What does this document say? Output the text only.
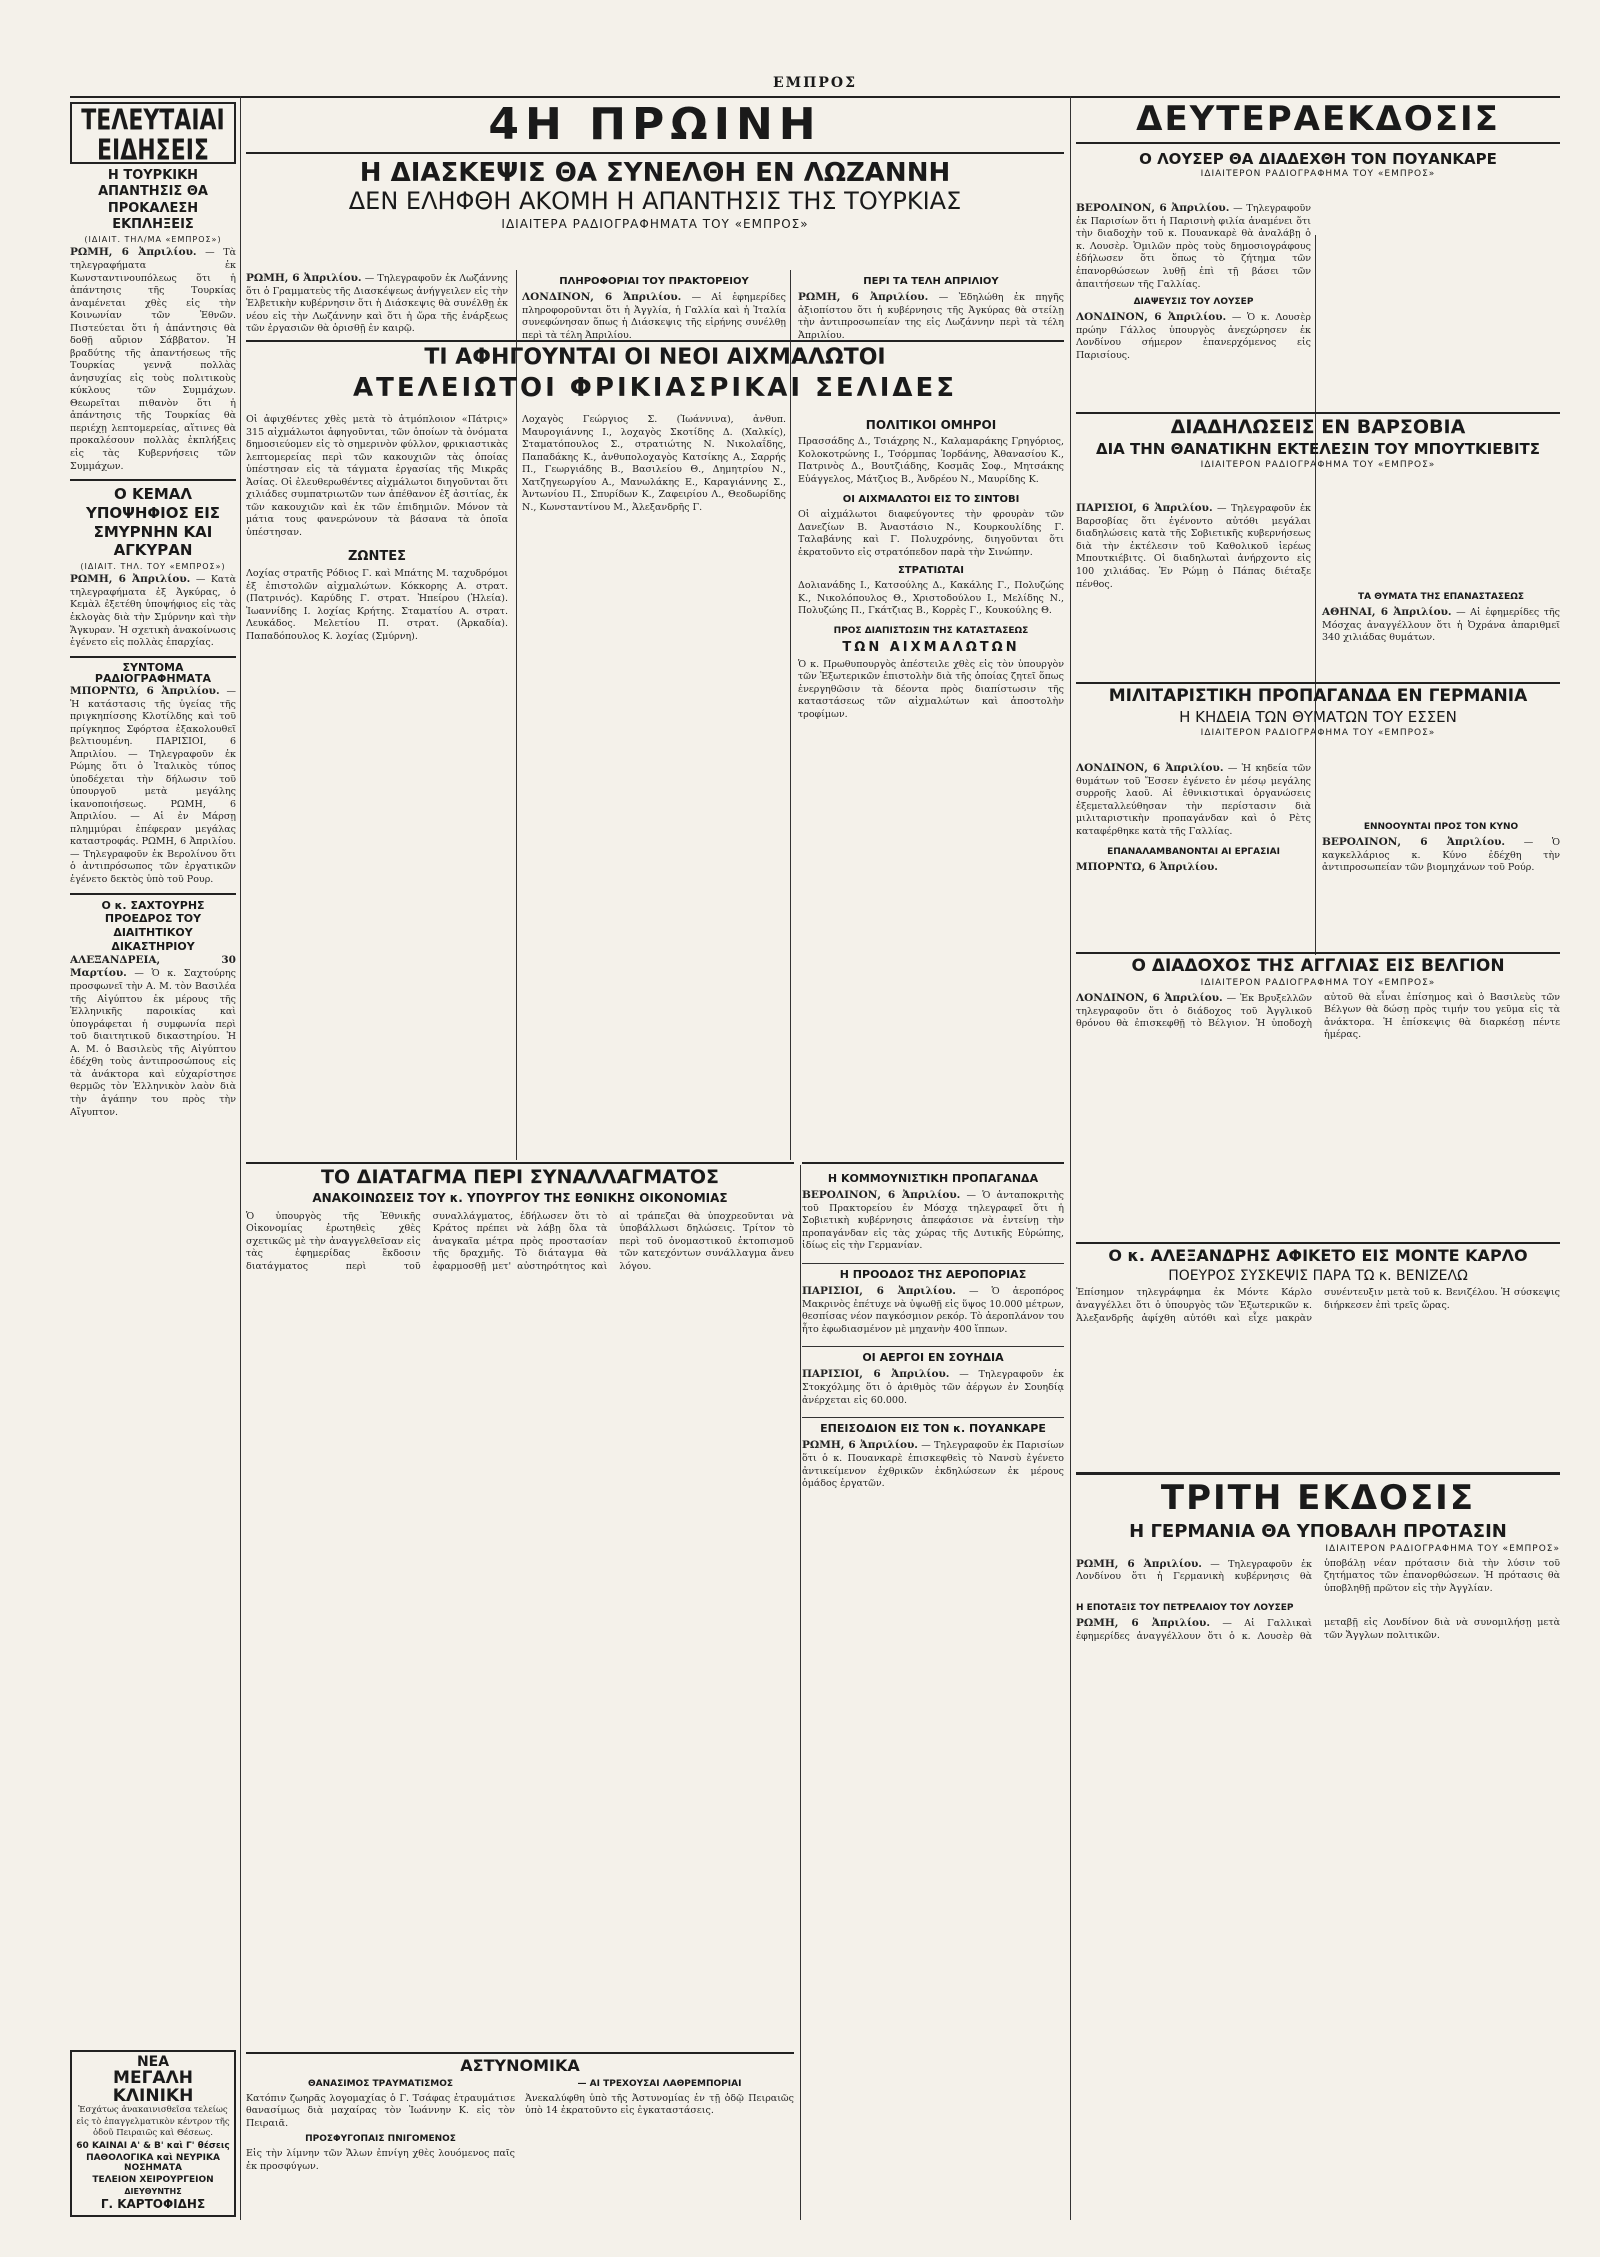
ΕΜΠΡΟΣ
ΤΕΛΕΥΤΑΙΑΙ ΕΙΔΗΣΕΙΣ
Η ΤΟΥΡΚΙΚΗ ΑΠΑΝΤΗΣΙΣ ΘΑ ΠΡΟΚΑΛΕΣΗ ΕΚΠΛΗΞΕΙΣ
(ΙΔΙΑΙΤ. ΤΗΛ/ΜΑ «ΕΜΠΡΟΣ»)

ΡΩΜΗ, 6 Ἀπριλίου. — Τὰ τηλεγραφήματα ἐκ Κωνσταντινουπόλεως ὅτι ἡ ἀπάντησις τῆς Τουρκίας ἀναμένεται χθὲς εἰς τὴν Κοινωνίαν τῶν Ἐθνῶν. Πιστεύεται ὅτι ἡ ἀπάντησις θὰ δοθῇ αὔριον Σάββατον. Ἡ βραδύτης τῆς ἀπαντήσεως τῆς Τουρκίας γεννᾷ πολλὰς ἀνησυχίας εἰς τοὺς πολιτικοὺς κύκλους τῶν Συμμάχων. Θεωρεῖται πιθανὸν ὅτι ἡ ἀπάντησις τῆς Τουρκίας θὰ περιέχῃ λεπτομερείας, αἵτινες θὰ προκαλέσουν πολλὰς ἐκπλήξεις εἰς τὰς Κυβερνήσεις τῶν Συμμάχων.

Ο ΚΕΜΑΛ ΥΠΟΨΗΦΙΟΣ ΕΙΣ ΣΜΥΡΝΗΝ ΚΑΙ ΑΓΚΥΡΑΝ
(ΙΔΙΑΙΤ. ΤΗΛ. ΤΟΥ «ΕΜΠΡΟΣ»)

ΡΩΜΗ, 6 Ἀπριλίου. — Κατὰ τηλεγραφήματα ἐξ Ἀγκύρας, ὁ Κεμὰλ ἐξετέθη ὑποψήφιος εἰς τὰς ἐκλογὰς διὰ τὴν Σμύρνην καὶ τὴν Ἄγκυραν. Ἡ σχετικὴ ἀνακοίνωσις ἐγένετο εἰς πολλὰς ἐπαρχίας.

ΣΥΝΤΟΜΑ ΡΑΔΙΟΓΡΑΦΗΜΑΤΑ

ΜΠΟΡΝΤΩ, 6 Ἀπριλίου. — Ἡ κατάστασις τῆς ὑγείας τῆς πριγκηπίσσης Κλοτίλδης καὶ τοῦ πρίγκηπος Σφόρτσα ἐξακολουθεῖ βελτιουμένη. ΠΑΡΙΣΙΟΙ, 6 Ἀπριλίου. — Τηλεγραφοῦν ἐκ Ρώμης ὅτι ὁ Ἰταλικὸς τύπος ὑποδέχεται τὴν δήλωσιν τοῦ ὑπουργοῦ μετὰ μεγάλης ἱκανοποιήσεως. ΡΩΜΗ, 6 Ἀπριλίου. — Αἱ ἐν Μάρσῃ πλημμύραι ἐπέφεραν μεγάλας καταστροφάς. ΡΩΜΗ, 6 Ἀπριλίου. — Τηλεγραφοῦν ἐκ Βερολίνου ὅτι ὁ ἀντιπρόσωπος τῶν ἐργατικῶν ἐγένετο δεκτὸς ὑπὸ τοῦ Ρουρ.

Ο κ. ΣΑΧΤΟΥΡΗΣ ΠΡΟΕΔΡΟΣ ΤΟΥ ΔΙΑΙΤΗΤΙΚΟΥ ΔΙΚΑΣΤΗΡΙΟΥ

ΑΛΕΞΑΝΔΡΕΙΑ, 30 Μαρτίου. — Ὁ κ. Σαχτούρης προσφωνεῖ τὴν Α. Μ. τὸν Βασιλέα τῆς Αἰγύπτου ἐκ μέρους τῆς Ἑλληνικῆς παροικίας καὶ ὑπογράφεται ἡ συμφωνία περὶ τοῦ διαιτητικοῦ δικαστηρίου. Ἡ Α. Μ. ὁ Βασιλεὺς τῆς Αἰγύπτου ἐδέχθη τοὺς ἀντιπροσώπους εἰς τὰ ἀνάκτορα καὶ εὐχαρίστησε θερμῶς τὸν Ἑλληνικὸν λαὸν διὰ τὴν ἀγάπην του πρὸς τὴν Αἴγυπτον.

ΝΕΑ
ΜΕΓΑΛΗ ΚΛΙΝΙΚΗ

Ἐσχάτως ἀνακαινισθεῖσα τελείως εἰς τὸ ἐπαγγελματικὸν κέντρον τῆς ὁδοῦ Πειραιῶς καὶ Θέσεως.

60 ΚΑΙΝΑΙ Α' & Β' καὶ Γ' θέσεις
ΠΑΘΟΛΟΓΙΚΑ καὶ ΝΕΥΡΙΚΑ ΝΟΣΗΜΑΤΑ
ΤΕΛΕΙΟΝ ΧΕΙΡΟΥΡΓΕΙΟΝ
ΔΙΕΥΘΥΝΤΗΣ
Γ. ΚΑΡΤΟΦΙΔΗΣ
4Η ΠΡΩΙΝΗ
Η ΔΙΑΣΚΕΨΙΣ ΘΑ ΣΥΝΕΛΘΗ ΕΝ ΛΩΖΑΝΝΗ
ΔΕΝ ΕΛΗΦΘΗ ΑΚΟΜΗ Η ΑΠΑΝΤΗΣΙΣ ΤΗΣ ΤΟΥΡΚΙΑΣ
ΙΔΙΑΙΤΕΡΑ ΡΑΔΙΟΓΡΑΦΗΜΑΤΑ ΤΟΥ «ΕΜΠΡΟΣ»

ΡΩΜΗ, 6 Ἀπριλίου. — Τηλεγραφοῦν ἐκ Λωζάννης ὅτι ὁ Γραμματεὺς τῆς Διασκέψεως ἀνήγγειλεν εἰς τὴν Ἑλβετικὴν κυβέρνησιν ὅτι ἡ Διάσκεψις θὰ συνέλθῃ ἐκ νέου εἰς τὴν Λωζάννην καὶ ὅτι ἡ ὥρα τῆς ἐνάρξεως τῶν ἐργασιῶν θὰ ὁρισθῇ ἐν καιρῷ.

ΠΛΗΡΟΦΟΡΙΑΙ ΤΟΥ ΠΡΑΚΤΟΡΕΙΟΥ

ΛΟΝΔΙΝΟΝ, 6 Ἀπριλίου. — Αἱ ἐφημερίδες πληροφοροῦνται ὅτι ἡ Ἀγγλία, ἡ Γαλλία καὶ ἡ Ἰταλία συνεφώνησαν ὅπως ἡ Διάσκεψις τῆς εἰρήνης συνέλθῃ περὶ τὰ τέλη Ἀπριλίου.

ΠΕΡΙ ΤΑ ΤΕΛΗ ΑΠΡΙΛΙΟΥ

ΡΩΜΗ, 6 Ἀπριλίου. — Ἐδηλώθη ἐκ πηγῆς ἀξιοπίστου ὅτι ἡ κυβέρνησις τῆς Ἀγκύρας θὰ στείλῃ τὴν ἀντιπροσωπείαν της εἰς Λωζάννην περὶ τὰ τέλη Ἀπριλίου.

ΤΙ ΑΦΗΓΟΥΝΤΑΙ ΟΙ ΝΕΟΙ ΑΙΧΜΑΛΩΤΟΙ
ΑΤΕΛΕΙΩΤΟΙ ΦΡΙΚΙΑΣΡΙΚΑΙ ΣΕΛΙΔΕΣ

Οἱ ἀφιχθέντες χθὲς μετὰ τὸ ἀτμόπλοιον «Πάτρις» 315 αἰχμάλωτοι ἀφηγοῦνται, τῶν ὁποίων τὰ ὀνόματα δημοσιεύομεν εἰς τὸ σημερινὸν φύλλον, φρικιαστικὰς λεπτομερείας περὶ τῶν κακουχιῶν τὰς ὁποίας ὑπέστησαν εἰς τὰ τάγματα ἐργασίας τῆς Μικρᾶς Ἀσίας. Οἱ ἐλευθερωθέντες αἰχμάλωτοι διηγοῦνται ὅτι χιλιάδες συμπατριωτῶν των ἀπέθανον ἐξ ἀσιτίας, ἐκ τῶν κακουχιῶν καὶ ἐκ τῶν ἐπιδημιῶν. Μόνον τὰ μάτια τους φανερώνουν τὰ βάσανα τὰ ὁποῖα ὑπέστησαν.

ΖΩΝΤΕΣ

Λοχίας στρατῆς Ρόδιος Γ. καὶ Μπάτης Μ. ταχυδρόμοι ἐξ ἐπιστολῶν αἰχμαλώτων. Κόκκορης Α. στρατ. (Πατρινός). Καρύδης Γ. στρατ. Ἠπείρου (Ἠλεία). Ἰωαννίδης Ι. λοχίας Κρήτης. Σταματίου Α. στρατ. Λευκάδος. Μελετίου Π. στρατ. (Ἀρκαδία). Παπαδόπουλος Κ. λοχίας (Σμύρνη).

Λοχαγὸς Γεώργιος Σ. (Ἰωάννινα), ἀνθυπ. Μαυρογιάννης Ι., λοχαγὸς Σκοτίδης Δ. (Χαλκίς), Σταματόπουλος Σ., στρατιώτης Ν. Νικολαΐδης, Παπαδάκης Κ., ἀνθυπολοχαγὸς Κατσίκης Α., Σαρρής Π., Γεωργιάδης Β., Βασιλείου Θ., Δημητρίου Ν., Χατζηγεωργίου Α., Μανωλάκης Ε., Καραγιάννης Σ., Ἀντωνίου Π., Σπυρίδων Κ., Ζαφειρίου Λ., Θεοδωρίδης Ν., Κωνσταντίνου Μ., Ἀλεξανδρῆς Γ.

ΠΟΛΙΤΙΚΟΙ ΟΜΗΡΟΙ

Πρασσάδης Δ., Τσιάχρης Ν., Καλαμαράκης Γρηγόριος, Κολοκοτρώνης Ι., Τσόρμπας Ἰορδάνης, Ἀθανασίου Κ., Πατρινὸς Δ., Βουτζιάδης, Κοσμᾶς Σοφ., Μητσάκης Εὐάγγελος, Μάτζιος Β., Ἀνδρέου Ν., Μαυρίδης Κ.

ΟΙ ΑΙΧΜΑΛΩΤΟΙ ΕΙΣ ΤΟ ΣΙΝΤΟΒΙ

Οἱ αἰχμάλωτοι διαφεύγοντες τὴν φρουρὰν τῶν Δανεζίων Β. Ἀναστάσιο Ν., Κουρκουλίδης Γ. Ταλαβάνης καὶ Γ. Πολυχρόνης, διηγοῦνται ὅτι ἐκρατοῦντο εἰς στρατόπεδον παρὰ τὴν Σινώπην.

ΣΤΡΑΤΙΩΤΑΙ

Δολιανάδης Ι., Κατσούλης Δ., Κακάλης Γ., Πολυζώης Κ., Νικολόπουλος Θ., Χριστοδούλου Ι., Μελίδης Ν., Πολυζώης Π., Γκάτζιας Β., Κορρὲς Γ., Κουκούλης Θ.

ΠΡΟΣ ΔΙΑΠΙΣΤΩΣΙΝ ΤΗΣ ΚΑΤΑΣΤΑΣΕΩΣ
ΤΩΝ ΑΙΧΜΑΛΩΤΩΝ

Ὁ κ. Πρωθυπουργὸς ἀπέστειλε χθὲς εἰς τὸν ὑπουργὸν τῶν Ἐξωτερικῶν ἐπιστολὴν διὰ τῆς ὁποίας ζητεῖ ὅπως ἐνεργηθῶσιν τὰ δέοντα πρὸς διαπίστωσιν τῆς καταστάσεως τῶν αἰχμαλώτων καὶ ἀποστολὴν τροφίμων.

ΤΟ ΔΙΑΤΑΓΜΑ ΠΕΡΙ ΣΥΝΑΛΛΑΓΜΑΤΟΣ
ΑΝΑΚΟΙΝΩΣΕΙΣ ΤΟΥ κ. ΥΠΟΥΡΓΟΥ ΤΗΣ ΕΘΝΙΚΗΣ ΟΙΚΟΝΟΜΙΑΣ

Ὁ ὑπουργὸς τῆς Ἐθνικῆς Οἰκονομίας ἐρωτηθεὶς χθὲς σχετικῶς μὲ τὴν ἀναγγελθεῖσαν εἰς τὰς ἐφημερίδας ἔκδοσιν διατάγματος περὶ τοῦ συναλλάγματος, ἐδήλωσεν ὅτι τὸ Κράτος πρέπει νὰ λάβῃ ὅλα τὰ ἀναγκαῖα μέτρα πρὸς προστασίαν τῆς δραχμῆς. Τὸ διάταγμα θὰ ἐφαρμοσθῇ μετ' αὐστηρότητος καὶ αἱ τράπεζαι θὰ ὑποχρεοῦνται νὰ ὑποβάλλωσι δηλώσεις. Τρίτον τὸ περὶ τοῦ ὀνομαστικοῦ ἐκτοπισμοῦ τῶν κατεχόντων συνάλλαγμα ἄνευ λόγου.

ΑΣΤΥΝΟΜΙΚΑ
ΘΑΝΑΣΙΜΟΣ ΤΡΑΥΜΑΤΙΣΜΟΣ

Κατόπιν ζωηρᾶς λογομαχίας ὁ Γ. Τσάφας ἐτραυμάτισε θανασίμως διὰ μαχαίρας τὸν Ἰωάννην Κ. εἰς τὸν Πειραιᾶ.

ΠΡΟΣΦΥΓΟΠΑΙΣ ΠΝΙΓΟΜΕΝΟΣ

Εἰς τὴν λίμνην τῶν Ἄλων ἐπνίγη χθὲς λουόμενος παῖς ἐκ προσφύγων.

— ΑΙ ΤΡΕΧΟΥΣΑΙ ΛΑΘΡΕΜΠΟΡΙΑΙ

Ἀνεκαλύφθη ὑπὸ τῆς Ἀστυνομίας ἐν τῇ ὁδῷ Πειραιῶς ὑπὸ 14 ἐκρατοῦντο εἰς ἐγκαταστάσεις.

Η ΚΟΜΜΟΥΝΙΣΤΙΚΗ ΠΡΟΠΑΓΑΝΔΑ

ΒΕΡΟΛΙΝΟΝ, 6 Ἀπριλίου. — Ὁ ἀνταποκριτὴς τοῦ Πρακτορείου ἐν Μόσχᾳ τηλεγραφεῖ ὅτι ἡ Σοβιετικὴ κυβέρνησις ἀπεφάσισε νὰ ἐντείνῃ τὴν προπαγάνδαν εἰς τὰς χώρας τῆς Δυτικῆς Εὐρώπης, ἰδίως εἰς τὴν Γερμανίαν.

Η ΠΡΟΟΔΟΣ ΤΗΣ ΑΕΡΟΠΟΡΙΑΣ

ΠΑΡΙΣΙΟΙ, 6 Ἀπριλίου. — Ὁ ἀεροπόρος Μακρινὸς ἐπέτυχε νὰ ὑψωθῇ εἰς ὕψος 10.000 μέτρων, θεσπίσας νέον παγκόσμιον ρεκόρ. Τὸ ἀεροπλάνον του ἦτο ἐφωδιασμένον μὲ μηχανὴν 400 ἵππων.

ΟΙ ΑΕΡΓΟΙ ΕΝ ΣΟΥΗΔΙΑ

ΠΑΡΙΣΙΟΙ, 6 Ἀπριλίου. — Τηλεγραφοῦν ἐκ Στοκχόλμης ὅτι ὁ ἀριθμὸς τῶν ἀέργων ἐν Σουηδίᾳ ἀνέρχεται εἰς 60.000.

ΕΠΕΙΣΟΔΙΟΝ ΕΙΣ ΤΟΝ κ. ΠΟΥΑΝΚΑΡΕ

ΡΩΜΗ, 6 Ἀπριλίου. — Τηλεγραφοῦν ἐκ Παρισίων ὅτι ὁ κ. Πουανκαρὲ ἐπισκεφθεὶς τὸ Νανσὺ ἐγένετο ἀντικείμενον ἐχθρικῶν ἐκδηλώσεων ἐκ μέρους ὁμάδος ἐργατῶν.

ΔΕΥΤΕΡΑΕΚΔΟΣΙΣ
Ο ΛΟΥΣΕΡ ΘΑ ΔΙΑΔΕΧΘΗ ΤΟΝ ΠΟΥΑΝΚΑΡΕ
ΙΔΙΑΙΤΕΡΟΝ ΡΑΔΙΟΓΡΑΦΗΜΑ ΤΟΥ «ΕΜΠΡΟΣ»

ΒΕΡΟΛΙΝΟΝ, 6 Ἀπριλίου. — Τηλεγραφοῦν ἐκ Παρισίων ὅτι ἡ Παρισινὴ φιλία ἀναμένει ὅτι τὴν διαδοχὴν τοῦ κ. Πουανκαρὲ θὰ ἀναλάβῃ ὁ κ. Λουσὲρ. Ὁμιλῶν πρὸς τοὺς δημοσιογράφους ἐδήλωσεν ὅτι ὅπως τὸ ζήτημα τῶν ἐπανορθώσεων λυθῇ ἐπὶ τῇ βάσει τῶν ἀπαιτήσεων τῆς Γαλλίας.

ΔΙΑΨΕΥΣΙΣ ΤΟΥ ΛΟΥΣΕΡ

ΛΟΝΔΙΝΟΝ, 6 Ἀπριλίου. — Ὁ κ. Λουσὲρ πρώην Γάλλος ὑπουργὸς ἀνεχώρησεν ἐκ Λονδίνου σήμερον ἐπανερχόμενος εἰς Παρισίους.

ΔΙΑΔΗΛΩΣΕΙΣ ΕΝ ΒΑΡΣΟΒΙΑ
ΔΙΑ ΤΗΝ ΘΑΝΑΤΙΚΗΝ ΕΚΤΕΛΕΣΙΝ ΤΟΥ ΜΠΟΥΤΚΙΕΒΙΤΣ
ΙΔΙΑΙΤΕΡΟΝ ΡΑΔΙΟΓΡΑΦΗΜΑ ΤΟΥ «ΕΜΠΡΟΣ»

ΠΑΡΙΣΙΟΙ, 6 Ἀπριλίου. — Τηλεγραφοῦν ἐκ Βαρσοβίας ὅτι ἐγένοντο αὐτόθι μεγάλαι διαδηλώσεις κατὰ τῆς Σοβιετικῆς κυβερνήσεως διὰ τὴν ἐκτέλεσιν τοῦ Καθολικοῦ ἱερέως Μπουτκιέβιτς. Οἱ διαδηλωταὶ ἀνήρχοντο εἰς 100 χιλιάδας. Ἐν Ρώμῃ ὁ Πάπας διέταξε πένθος.

ΤΑ ΘΥΜΑΤΑ ΤΗΣ ΕΠΑΝΑΣΤΑΣΕΩΣ

ΑΘΗΝΑΙ, 6 Ἀπριλίου. — Αἱ ἐφημερίδες τῆς Μόσχας ἀναγγέλλουν ὅτι ἡ Ὀχράνα ἀπαριθμεῖ 340 χιλιάδας θυμάτων.

ΜΙΛΙΤΑΡΙΣΤΙΚΗ ΠΡΟΠΑΓΑΝΔΑ ΕΝ ΓΕΡΜΑΝΙΑ
Η ΚΗΔΕΙΑ ΤΩΝ ΘΥΜΑΤΩΝ ΤΟΥ ΕΣΣΕΝ
ΙΔΙΑΙΤΕΡΟΝ ΡΑΔΙΟΓΡΑΦΗΜΑ ΤΟΥ «ΕΜΠΡΟΣ»

ΛΟΝΔΙΝΟΝ, 6 Ἀπριλίου. — Ἡ κηδεία τῶν θυμάτων τοῦ Ἔσσεν ἐγένετο ἐν μέσῳ μεγάλης συρροῆς λαοῦ. Αἱ ἐθνικιστικαὶ ὀργανώσεις ἐξεμεταλλεύθησαν τὴν περίστασιν διὰ μιλιταριστικὴν προπαγάνδαν καὶ ὁ Ρὲτς καταφέρθηκε κατὰ τῆς Γαλλίας.

ΕΠΑΝΑΛΑΜΒΑΝΟΝΤΑΙ ΑΙ ΕΡΓΑΣΙΑΙ

ΜΠΟΡΝΤΩ, 6 Ἀπριλίου.

ΕΝΝΟΟΥΝΤΑΙ ΠΡΟΣ ΤΟΝ ΚΥΝΟ

ΒΕΡΟΛΙΝΟΝ, 6 Ἀπριλίου. — Ὁ καγκελλάριος κ. Κύνο ἐδέχθη τὴν ἀντιπροσωπείαν τῶν βιομηχάνων τοῦ Ρούρ.

Ο ΔΙΑΔΟΧΟΣ ΤΗΣ ΑΓΓΛΙΑΣ ΕΙΣ ΒΕΛΓΙΟΝ
ΙΔΙΑΙΤΕΡΟΝ ΡΑΔΙΟΓΡΑΦΗΜΑ ΤΟΥ «ΕΜΠΡΟΣ»

ΛΟΝΔΙΝΟΝ, 6 Ἀπριλίου. — Ἐκ Βρυξελλῶν τηλεγραφοῦν ὅτι ὁ διάδοχος τοῦ Ἀγγλικοῦ θρόνου θὰ ἐπισκεφθῇ τὸ Βέλγιον. Ἡ ὑποδοχὴ αὐτοῦ θὰ εἶναι ἐπίσημος καὶ ὁ Βασιλεὺς τῶν Βέλγων θὰ δώσῃ πρὸς τιμήν του γεῦμα εἰς τὰ ἀνάκτορα. Ἡ ἐπίσκεψις θὰ διαρκέσῃ πέντε ἡμέρας.

Ο κ. ΑΛΕΞΑΝΔΡΗΣ ΑΦΙΚΕΤΟ ΕΙΣ ΜΟΝΤΕ ΚΑΡΛΟ
ΠΟΕΥΡΟΣ ΣΥΣΚΕΨΙΣ ΠΑΡΑ ΤΩ κ. ΒΕΝΙΖΕΛΩ

Ἐπίσημον τηλεγράφημα ἐκ Μόντε Κάρλο ἀναγγέλλει ὅτι ὁ ὑπουργὸς τῶν Ἐξωτερικῶν κ. Ἀλεξανδρῆς ἀφίχθη αὐτόθι καὶ εἶχε μακρὰν συνέντευξιν μετὰ τοῦ κ. Βενιζέλου. Ἡ σύσκεψις διήρκεσεν ἐπὶ τρεῖς ὥρας.

ΤΡΙΤΗ ΕΚΔΟΣΙΣ
Η ΓΕΡΜΑΝΙΑ ΘΑ ΥΠΟΒΑΛΗ ΠΡΟΤΑΣΙΝ
ΙΔΙΑΙΤΕΡΟΝ ΡΑΔΙΟΓΡΑΦΗΜΑ ΤΟΥ «ΕΜΠΡΟΣ»

ΡΩΜΗ, 6 Ἀπριλίου. — Τηλεγραφοῦν ἐκ Λονδίνου ὅτι ἡ Γερμανικὴ κυβέρνησις θὰ ὑποβάλῃ νέαν πρότασιν διὰ τὴν λύσιν τοῦ ζητήματος τῶν ἐπανορθώσεων. Ἡ πρότασις θὰ ὑποβληθῇ πρῶτον εἰς τὴν Ἀγγλίαν.

Η ΕΠΟΤΑΞΙΣ ΤΟΥ ΠΕΤΡΕΛΑΙΟΥ ΤΟΥ ΛΟΥΣΕΡ

ΡΩΜΗ, 6 Ἀπριλίου. — Αἱ Γαλλικαὶ ἐφημερίδες ἀναγγέλλουν ὅτι ὁ κ. Λουσὲρ θὰ μεταβῇ εἰς Λονδίνον διὰ νὰ συνομιλήσῃ μετὰ τῶν Ἄγγλων πολιτικῶν.
